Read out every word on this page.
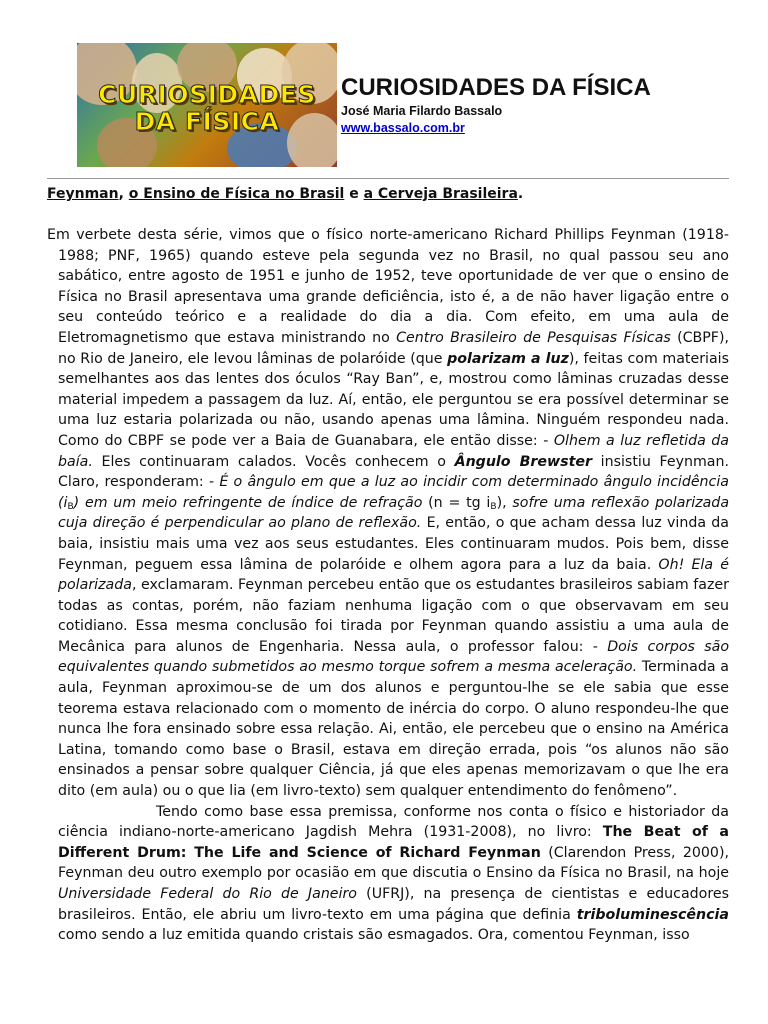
CURIOSIDADES
DA FÍSICA
CURIOSIDADES DA FÍSICA
José Maria Filardo Bassalo
www.bassalo.com.br

Feynman, o Ensino de Física no Brasil e a Cerveja Brasileira.

Em verbete desta série, vimos que o físico norte-americano Richard Phillips Feynman (1918-1988; PNF, 1965) quando esteve pela segunda vez no Brasil, no qual passou seu ano sabático, entre agosto de 1951 e junho de 1952, teve oportunidade de ver que o ensino de Física no Brasil apresentava uma grande deficiência, isto é, a de não haver ligação entre o seu conteúdo teórico e a realidade do dia a dia. Com efeito, em uma aula de Eletromagnetismo que estava ministrando no Centro Brasileiro de Pesquisas Físicas (CBPF), no Rio de Janeiro, ele levou lâminas de polaróide (que polarizam a luz), feitas com materiais semelhantes aos das lentes dos óculos “Ray Ban”, e, mostrou como lâminas cruzadas desse material impedem a passagem da luz. Aí, então, ele perguntou se era possível determinar se uma luz estaria polarizada ou não, usando apenas uma lâmina. Ninguém respondeu nada. Como do CBPF se pode ver a Baia de Guanabara, ele então disse: - Olhem a luz refletida da baía. Eles continuaram calados. Vocês conhecem o Ângulo Brewster insistiu Feynman. Claro, responderam: - É o ângulo em que a luz ao incidir com determinado ângulo incidência $(i_B)$ em um meio refringente de índice de refração (n = tg $i_B$), sofre uma reflexão polarizada cuja direção é perpendicular ao plano de reflexão. E, então, o que acham dessa luz vinda da baia, insistiu mais uma vez aos seus estudantes. Eles continuaram mudos. Pois bem, disse Feynman, peguem essa lâmina de polaróide e olhem agora para a luz da baia. Oh! Ela é polarizada, exclamaram. Feynman percebeu então que os estudantes brasileiros sabiam fazer todas as contas, porém, não faziam nenhuma ligação com o que observavam em seu cotidiano. Essa mesma conclusão foi tirada por Feynman quando assistiu a uma aula de Mecânica para alunos de Engenharia. Nessa aula, o professor falou: - Dois corpos são equivalentes quando submetidos ao mesmo torque sofrem a mesma aceleração. Terminada a aula, Feynman aproximou-se de um dos alunos e perguntou-lhe se ele sabia que esse teorema estava relacionado com o momento de inércia do corpo. O aluno respondeu-lhe que nunca lhe fora ensinado sobre essa relação. Ai, então, ele percebeu que o ensino na América Latina, tomando como base o Brasil, estava em direção errada, pois “os alunos não são ensinados a pensar sobre qualquer Ciência, já que eles apenas memorizavam o que lhe era dito (em aula) ou o que lia (em livro-texto) sem qualquer entendimento do fenômeno”.

Tendo como base essa premissa, conforme nos conta o físico e historiador da ciência indiano-norte-americano Jagdish Mehra (1931-2008), no livro: The Beat of a Different Drum: The Life and Science of Richard Feynman (Clarendon Press, 2000), Feynman deu outro exemplo por ocasião em que discutia o Ensino da Física no Brasil, na hoje Universidade Federal do Rio de Janeiro (UFRJ), na presença de cientistas e educadores brasileiros. Então, ele abriu um livro-texto em uma página que definia triboluminescência como sendo a luz emitida quando cristais são esmagados. Ora, comentou Feynman, isso
